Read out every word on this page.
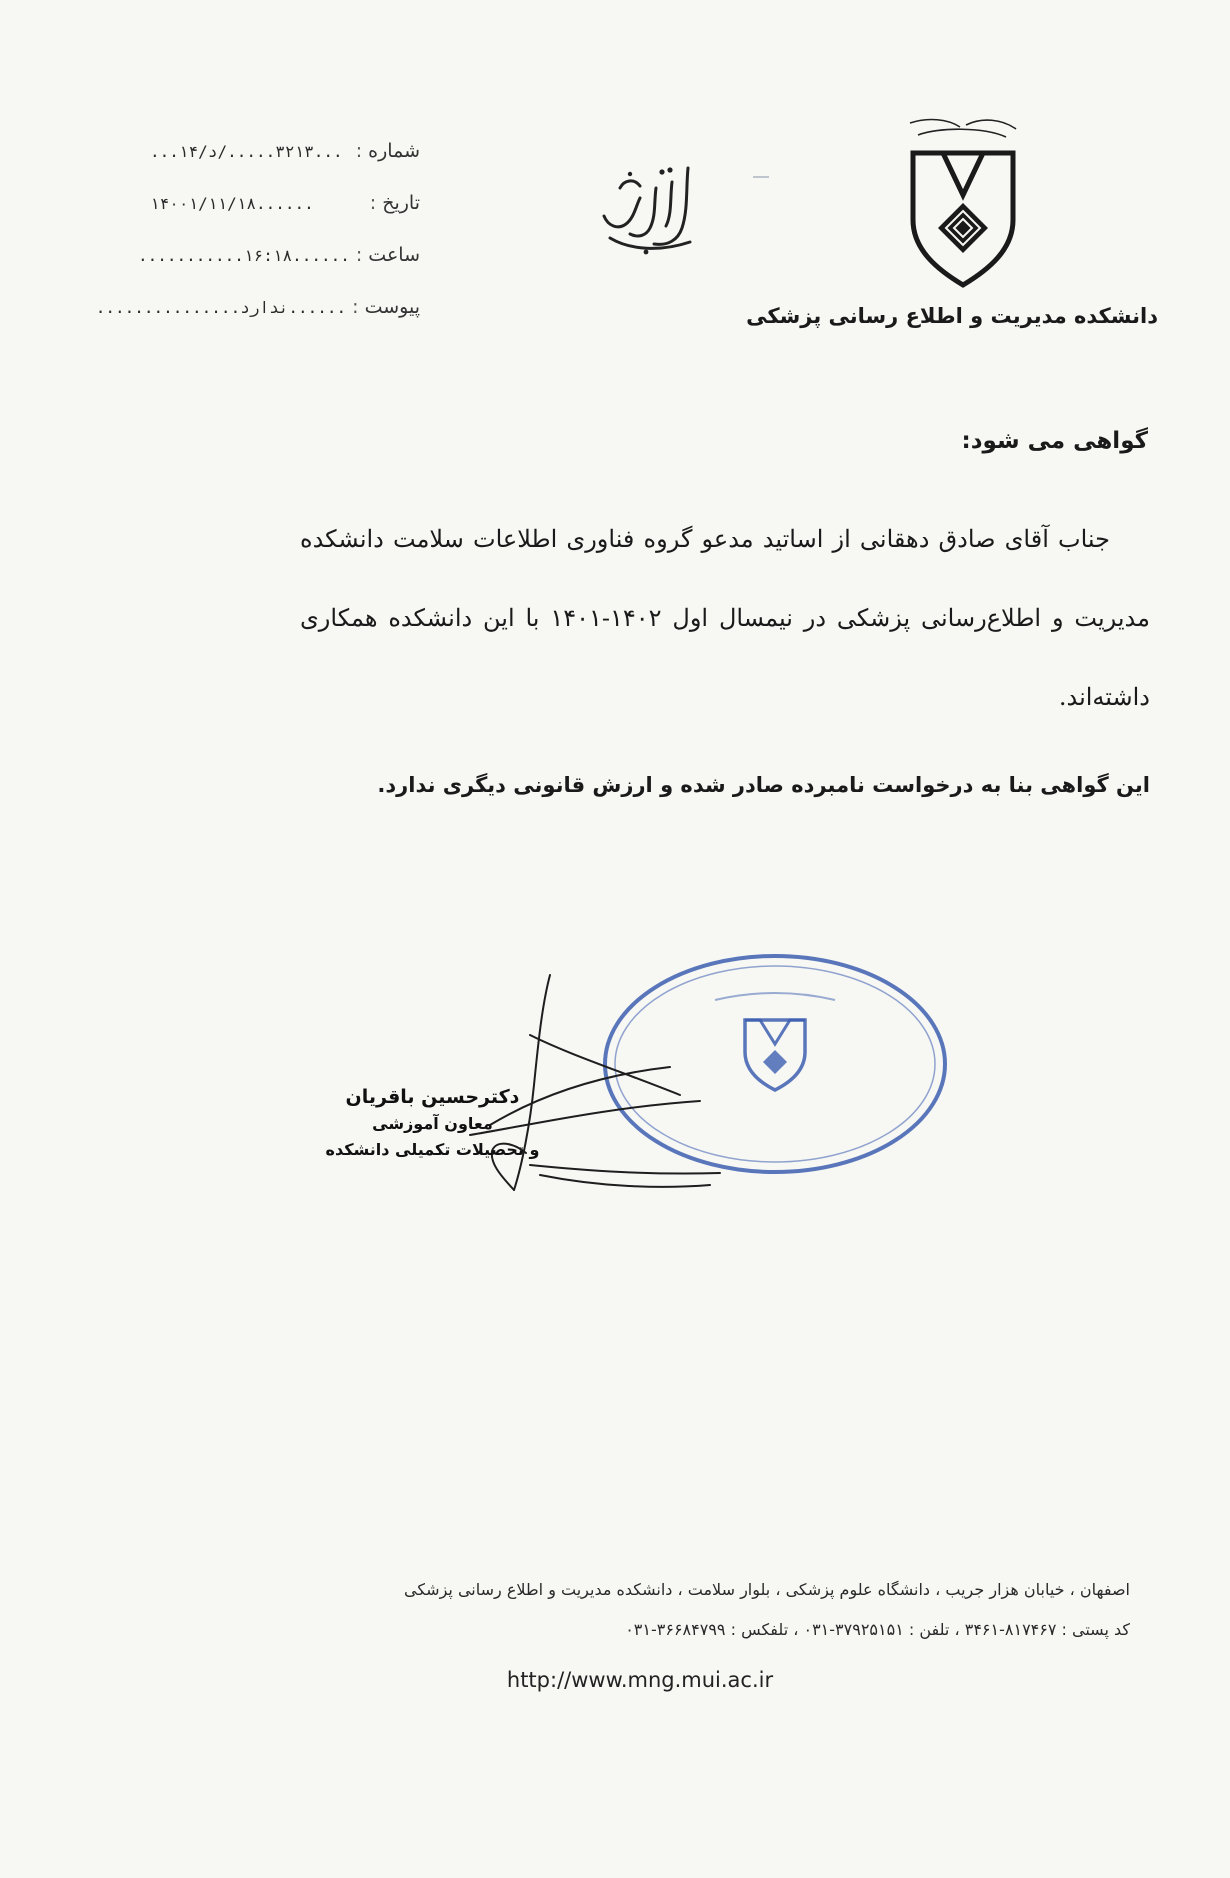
شماره
:
...١۴/٣٢١٣...../د...
تاریخ
:
١۴٠٠١/١١/١٨......
ساعت
:
...........١۶:١٨......
پیوست
:
...............ندارد......	دانشکده مدیریت و اطلاع رسانی پزشکی
گواهی می شود:
جناب آقای صادق دهقانی از اساتید مدعو گروه فناوری اطلاعات سلامت دانشکده مدیریت و اطلاع‌رسانی پزشکی در نیمسال اول ١۴٠٢-١۴٠١ با این دانشکده همکاری داشته‌اند.
این گواهی بنا به درخواست نامبرده صادر شده و ارزش قانونی دیگری ندارد.
دکترحسین باقریان
معاون آموزشی
و تحصیلات تکمیلی دانشکده
اصفهان ، خیابان هزار جریب ، دانشگاه علوم پزشکی ، بلوار سلامت ، دانشکده مدیریت و اطلاع رسانی پزشکی
کد پستی : ٨١٧۴۶٧-٣۴۶١ ، تلفن : ٣٧٩٢۵١۵١-٠٣١ ، تلفکس : ٣۶۶٨۴٧٩٩-٠٣١
http://www.mng.mui.ac.ir
